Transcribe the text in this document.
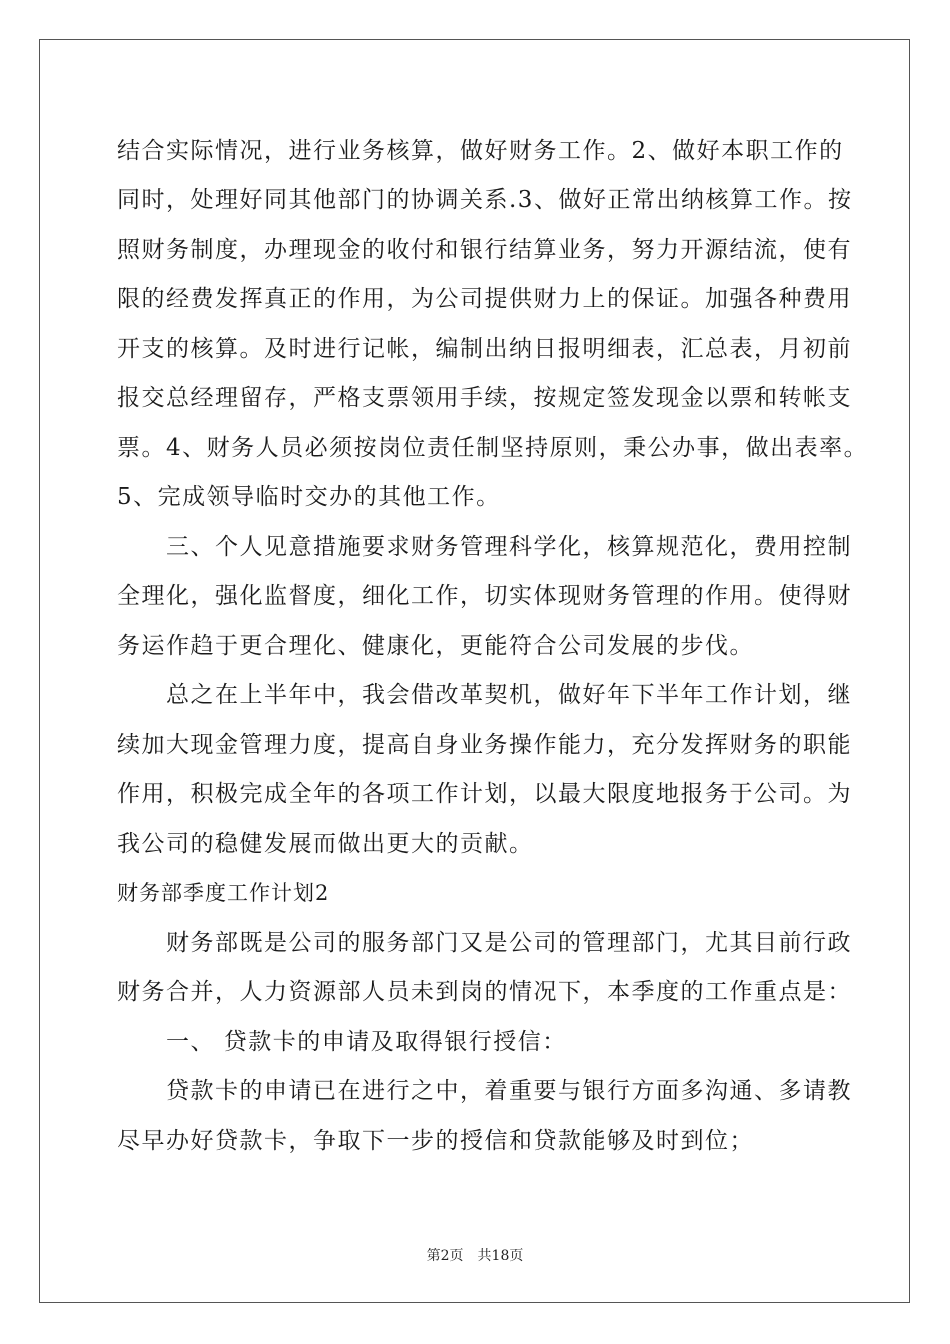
结合实际情况，进行业务核算，做好财务工作。2、做好本职工作的
同时，处理好同其他部门的协调关系.3、做好正常出纳核算工作。按
照财务制度，办理现金的收付和银行结算业务，努力开源结流，使有
限的经费发挥真正的作用，为公司提供财力上的保证。加强各种费用
开支的核算。及时进行记帐，编制出纳日报明细表，汇总表，月初前
报交总经理留存，严格支票领用手续，按规定签发现金以票和转帐支
票。4、财务人员必须按岗位责任制坚持原则，秉公办事，做出表率。
5、完成领导临时交办的其他工作。
　　三、个人见意措施要求财务管理科学化，核算规范化，费用控制
全理化，强化监督度，细化工作，切实体现财务管理的作用。使得财
务运作趋于更合理化、健康化，更能符合公司发展的步伐。
　　总之在上半年中，我会借改革契机，做好年下半年工作计划，继
续加大现金管理力度，提高自身业务操作能力，充分发挥财务的职能
作用，积极完成全年的各项工作计划，以最大限度地报务于公司。为
我公司的稳健发展而做出更大的贡献。
财务部季度工作计划2
　　财务部既是公司的服务部门又是公司的管理部门，尤其目前行政
财务合并，人力资源部人员未到岗的情况下，本季度的工作重点是：
　　一、 贷款卡的申请及取得银行授信：
　　贷款卡的申请已在进行之中，着重要与银行方面多沟通、多请教
尽早办好贷款卡，争取下一步的授信和贷款能够及时到位；
第2页　共18页
